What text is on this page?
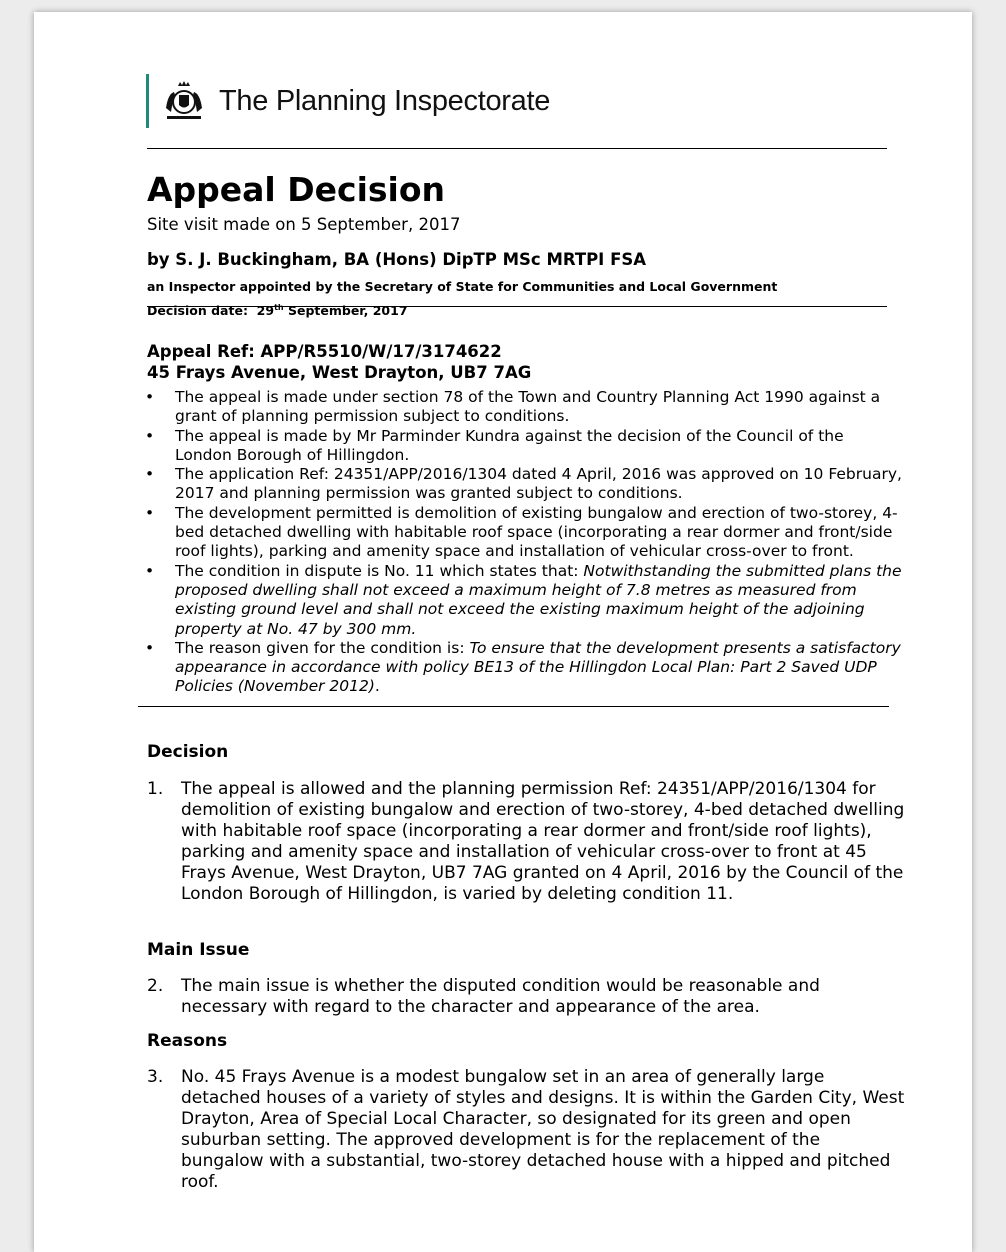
The Planning Inspectorate
Appeal Decision
Site visit made on 5 September, 2017
by S. J. Buckingham, BA (Hons) DipTP MSc MRTPI FSA
an Inspector appointed by the Secretary of State for Communities and Local Government
Decision date: 29th September, 2017
Appeal Ref: APP/R5510/W/17/3174622
45 Frays Avenue, West Drayton, UB7 7AG
• The appeal is made under section 78 of the Town and Country Planning Act 1990 against a grant of planning permission subject to conditions.
• The appeal is made by Mr Parminder Kundra against the decision of the Council of the London Borough of Hillingdon.
• The application Ref: 24351/APP/2016/1304 dated 4 April, 2016 was approved on 10 February, 2017 and planning permission was granted subject to conditions.
• The development permitted is demolition of existing bungalow and erection of two-storey, 4-bed detached dwelling with habitable roof space (incorporating a rear dormer and front/side roof lights), parking and amenity space and installation of vehicular cross-over to front.
• The condition in dispute is No. 11 which states that: Notwithstanding the submitted plans the proposed dwelling shall not exceed a maximum height of 7.8 metres as measured from existing ground level and shall not exceed the existing maximum height of the adjoining property at No. 47 by 300 mm.
• The reason given for the condition is: To ensure that the development presents a satisfactory appearance in accordance with policy BE13 of the Hillingdon Local Plan: Part 2 Saved UDP Policies (November 2012).
Decision
1.	The appeal is allowed and the planning permission Ref: 24351/APP/2016/1304 for demolition of existing bungalow and erection of two-storey, 4-bed detached dwelling with habitable roof space (incorporating a rear dormer and front/side roof lights), parking and amenity space and installation of vehicular cross-over to front at 45 Frays Avenue, West Drayton, UB7 7AG granted on 4 April, 2016 by the Council of the London Borough of Hillingdon, is varied by deleting condition 11.
Main Issue
2.	The main issue is whether the disputed condition would be reasonable and necessary with regard to the character and appearance of the area.
Reasons
3.	No. 45 Frays Avenue is a modest bungalow set in an area of generally large detached houses of a variety of styles and designs. It is within the Garden City, West Drayton, Area of Special Local Character, so designated for its green and open suburban setting. The approved development is for the replacement of the bungalow with a substantial, two-storey detached house with a hipped and pitched roof.
